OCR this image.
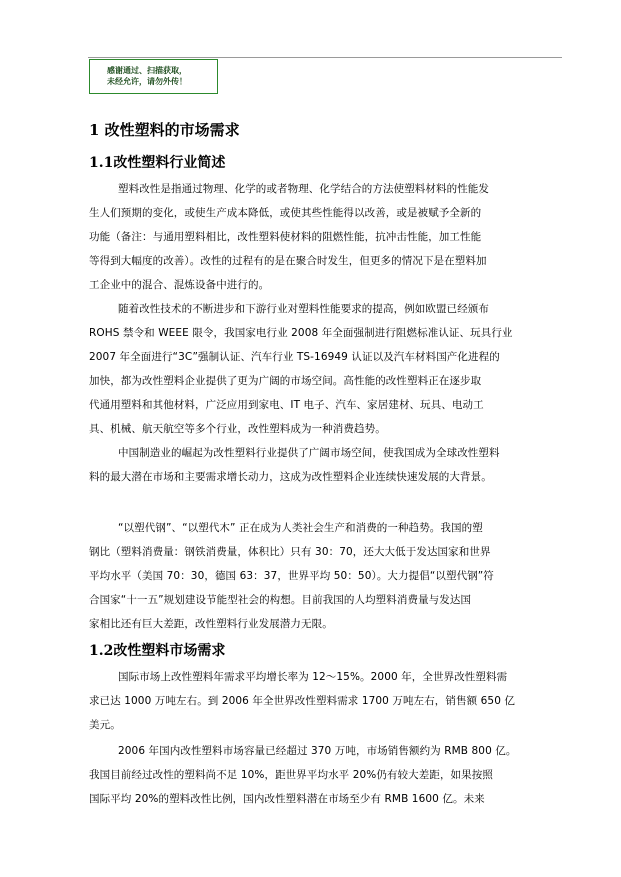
感谢通过、扫描获取，
未经允许，请勿外传！
1 改性塑料的市场需求
1.1改性塑料行业简述

塑料改性是指通过物理、化学的或者物理、化学结合的方法使塑料材料的性能发
生人们预期的变化，或使生产成本降低，或使其些性能得以改善，或是被赋予全新的
功能（备注：与通用塑料相比，改性塑料使材料的阻燃性能，抗冲击性能，加工性能
等得到大幅度的改善）。改性的过程有的是在聚合时发生，但更多的情况下是在塑料加
工企业中的混合、混炼设备中进行的。

随着改性技术的不断进步和下游行业对塑料性能要求的提高，例如欧盟已经颁布
ROHS 禁令和 WEEE 限令，我国家电行业 2008 年全面强制进行阻燃标准认证、玩具行业
2007 年全面进行“3C”强制认证、汽车行业 TS-16949 认证以及汽车材料国产化进程的
加快，都为改性塑料企业提供了更为广阔的市场空间。高性能的改性塑料正在逐步取
代通用塑料和其他材料，广泛应用到家电、IT 电子、汽车、家居建材、玩具、电动工
具、机械、航天航空等多个行业，改性塑料成为一种消费趋势。

中国制造业的崛起为改性塑料行业提供了广阔市场空间，使我国成为全球改性塑料
料的最大潜在市场和主要需求增长动力，这成为改性塑料企业连续快速发展的大背景。

“以塑代钢”、“以塑代木” 正在成为人类社会生产和消费的一种趋势。我国的塑
钢比（塑料消费量：钢铁消费量，体积比）只有 30：70，还大大低于发达国家和世界
平均水平（美国 70：30，德国 63：37，世界平均 50：50）。大力提倡“以塑代钢”符
合国家“十一五”规划建设节能型社会的构想。目前我国的人均塑料消费量与发达国
家相比还有巨大差距，改性塑料行业发展潜力无限。

1.2改性塑料市场需求

国际市场上改性塑料年需求平均增长率为 12～15%。2000 年，全世界改性塑料需
求已达 1000 万吨左右。到 2006 年全世界改性塑料需求 1700 万吨左右，销售额 650 亿
美元。

2006 年国内改性塑料市场容量已经超过 370 万吨，市场销售额约为 RMB 800 亿。
我国目前经过改性的塑料尚不足 10%，距世界平均水平 20%仍有较大差距，如果按照
国际平均 20%的塑料改性比例，国内改性塑料潜在市场至少有 RMB 1600 亿。未来
